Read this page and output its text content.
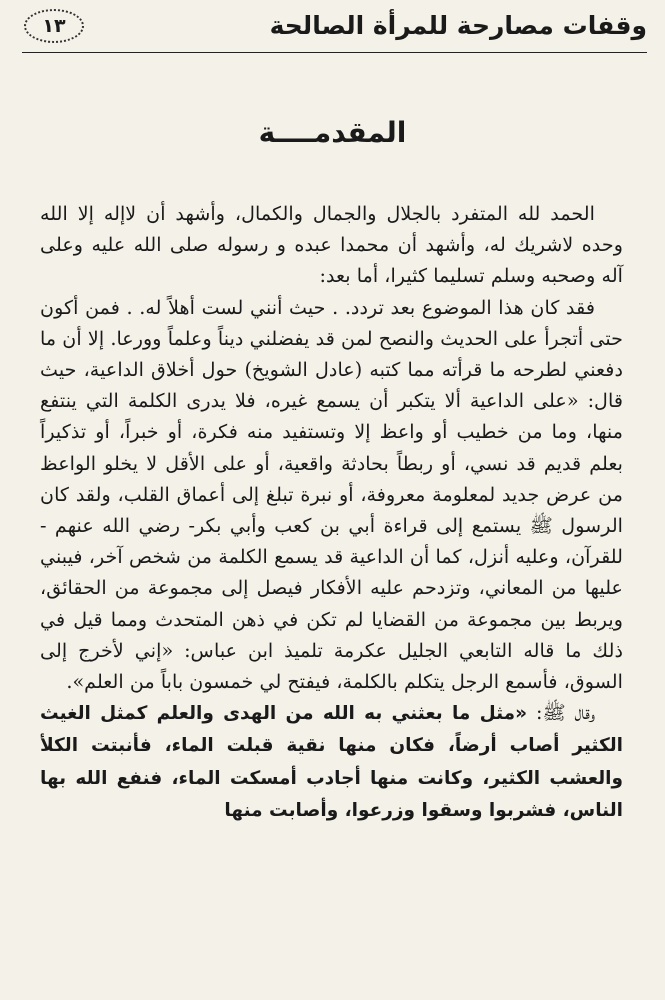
وقفات مصارحة للمرأة الصالحة
١٣
المقدمــــة

الحمد لله المتفرد بالجلال والجمال والكمال، وأشهد أن لاإله إلا الله وحده لاشريك له، وأشهد أن محمدا عبده و رسوله صلى الله عليه وعلى آله وصحبه وسلم تسليما كثيرا، أما بعد:

فقد كان هذا الموضوع بعد تردد. . حيث أنني لست أهلاً له. . فمن أكون حتى أتجرأ على الحديث والنصح لمن قد يفضلني ديناً وعلماً وورعا. إلا أن ما دفعني لطرحه ما قرأته مما كتبه (عادل الشويخ) حول أخلاق الداعية، حيث قال: «على الداعية ألا يتكبر أن يسمع غيره، فلا يدرى الكلمة التي ينتفع منها، وما من خطيب أو واعظ إلا وتستفيد منه فكرة، أو خبراً، أو تذكيراً بعلم قديم قد نسي، أو ربطاً بحادثة واقعية، أو على الأقل لا يخلو الواعظ من عرض جديد لمعلومة معروفة، أو نبرة تبلغ إلى أعماق القلب، ولقد كان الرسول ﷺ يستمع إلى قراءة أبي بن كعب وأبي بكر- رضي الله عنهم - للقرآن، وعليه أنزل، كما أن الداعية قد يسمع الكلمة من شخص آخر، فيبني عليها من المعاني، وتزدحم عليه الأفكار فيصل إلى مجموعة من الحقائق، ويربط بين مجموعة من القضايا لم تكن في ذهن المتحدث ومما قيل في ذلك ما قاله التابعي الجليل عكرمة تلميذ ابن عباس: «إني لأخرج إلى السوق، فأسمع الرجل يتكلم بالكلمة، فيفتح لي خمسون باباً من العلم».

وقال ﷺ: «مثل ما بعثني به الله من الهدى والعلم كمثل الغيث الكثير أصاب أرضاً، فكان منها نقية قبلت الماء، فأنبتت الكلأ والعشب الكثير، وكانت منها أجادب أمسكت الماء، فنفع الله بها الناس، فشربوا وسقوا وزرعوا، وأصابت منها
